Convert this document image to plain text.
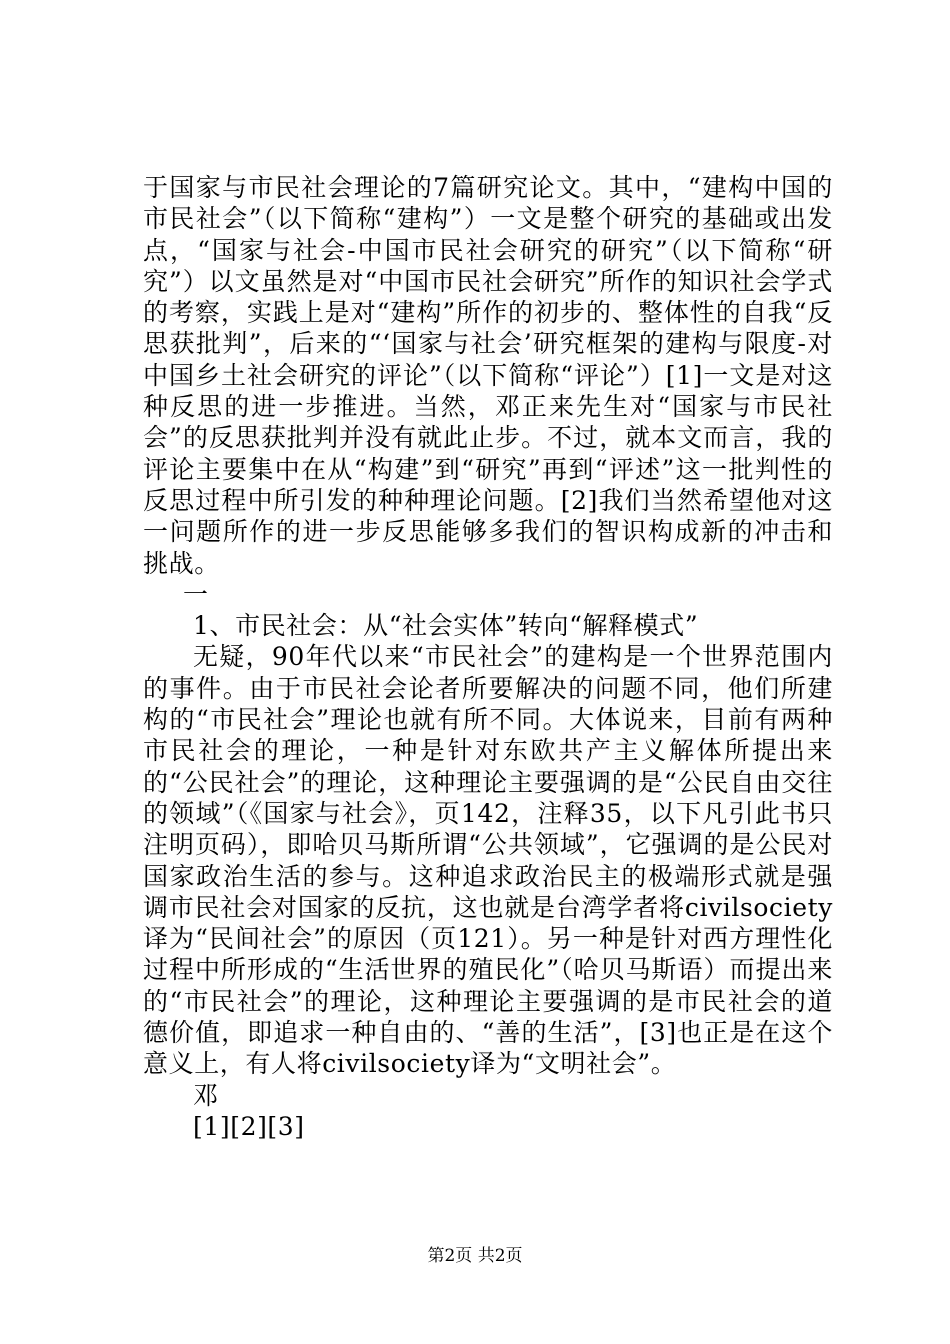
于国家与市民社会理论的7篇研究论文。其中，“建构中国的市民社会”（以下简称“建构”）一文是整个研究的基础或出发点，“国家与社会-中国市民社会研究的研究”（以下简称“研究”）以文虽然是对“中国市民社会研究”所作的知识社会学式的考察，实践上是对“建构”所作的初步的、整体性的自我“反思获批判”，后来的“‘国家与社会’研究框架的建构与限度-对中国乡土社会研究的评论”（以下简称“评论”）[1]一文是对这种反思的进一步推进。当然，邓正来先生对“国家与市民社会”的反思获批判并没有就此止步。不过，就本文而言，我的评论主要集中在从“构建”到“研究”再到“评述”这一批判性的反思过程中所引发的种种理论问题。[2]我们当然希望他对这一问题所作的进一步反思能够多我们的智识构成新的冲击和挑战。

一

1、市民社会：从“社会实体”转向“解释模式”

无疑，90年代以来“市民社会”的建构是一个世界范围内的事件。由于市民社会论者所要解决的问题不同，他们所建构的“市民社会”理论也就有所不同。大体说来，目前有两种市民社会的理论，一种是针对东欧共产主义解体所提出来的“公民社会”的理论，这种理论主要强调的是“公民自由交往的领域”（《国家与社会》，页142，注释35，以下凡引此书只注明页码），即哈贝马斯所谓“公共领域”，它强调的是公民对国家政治生活的参与。这种追求政治民主的极端形式就是强调市民社会对国家的反抗，这也就是台湾学者将civilsociety译为“民间社会”的原因（页121）。另一种是针对西方理性化过程中所形成的“生活世界的殖民化”（哈贝马斯语）而提出来的“市民社会”的理论，这种理论主要强调的是市民社会的道德价值，即追求一种自由的、“善的生活”，[3]也正是在这个意义上，有人将civilsociety译为“文明社会”。

邓

[1][2][3]

第2页 共2页
